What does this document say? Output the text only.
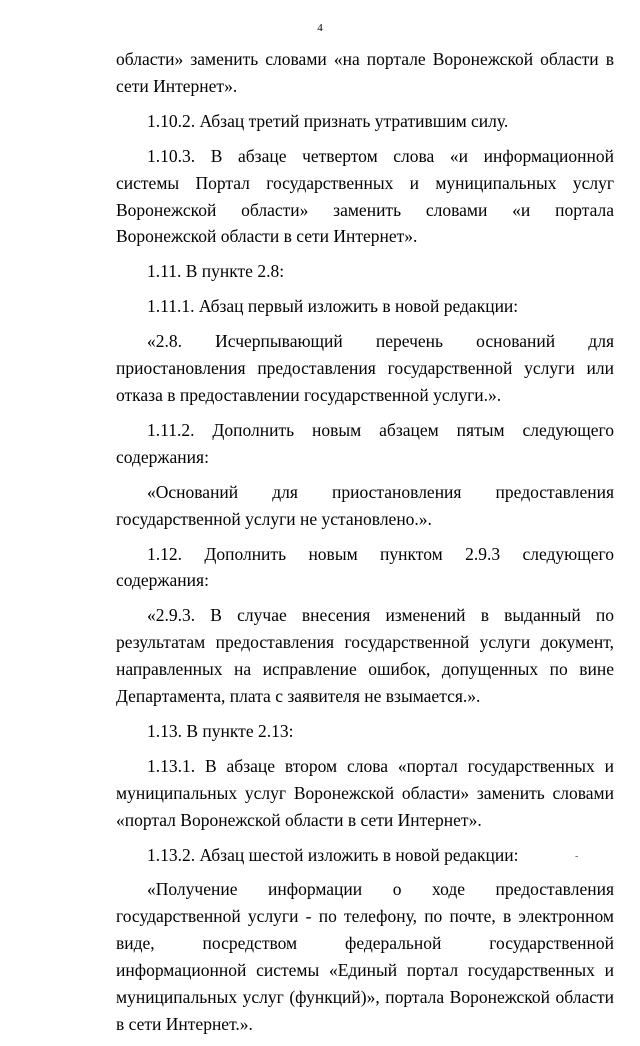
4

области» заменить словами «на портале Воронежской области в сети Интернет».

1.10.2. Абзац третий признать утратившим силу.

1.10.3. В абзаце четвертом слова «и информационной системы Портал государственных и муниципальных услуг Воронежской области» заменить словами «и портала Воронежской области в сети Интернет».

1.11. В пункте 2.8:

1.11.1. Абзац первый изложить в новой редакции:

«2.8. Исчерпывающий перечень оснований для приостановления предоставления государственной услуги или отказа в предоставлении государственной услуги.».

1.11.2. Дополнить новым абзацем пятым следующего содержания:

«Оснований для приостановления предоставления государственной услуги не установлено.».

1.12. Дополнить новым пунктом 2.9.3 следующего содержания:

«2.9.3. В случае внесения изменений в выданный по результатам предоставления государственной услуги документ, направленных на исправление ошибок, допущенных по вине Департамента, плата с заявителя не взымается.».

1.13. В пункте 2.13:

1.13.1. В абзаце втором слова «портал государственных и муниципальных услуг Воронежской области» заменить словами «портал Воронежской области в сети Интернет».

1.13.2. Абзац шестой изложить в новой редакции:

«Получение информации о ходе предоставления государственной услуги - по телефону, по почте, в электронном виде, посредством федеральной государственной информационной системы «Единый портал государственных и муниципальных услуг (функций)», портала Воронежской области в сети Интернет.».

-
